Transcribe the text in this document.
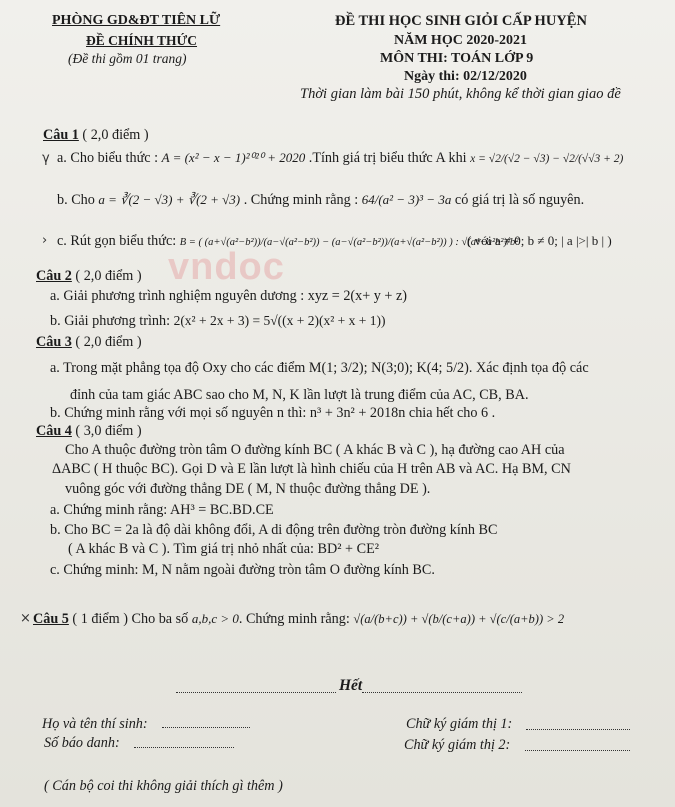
vndoc
PHÒNG GD&ĐT TIÊN LỮ
ĐỀ CHÍNH THỨC
(Đề thi gồm 01 trang)
ĐỀ THI HỌC SINH GIỎI CẤP HUYỆN
NĂM HỌC 2020-2021
MÔN THI: TOÁN LỚP 9
Ngày thi: 02/12/2020
Thời gian làm bài 150 phút, không kể thời gian giao đề
Câu 1 ( 2,0 điểm )
γ a. Cho biểu thức : A = (x² − x − 1)²⁰²⁰ + 2020 .Tính giá trị biểu thức A khi x = √2/(√2 − √3) − √2/(√√3 + 2)
b. Cho a = ∛(2 − √3) + ∛(2 + √3) . Chứng minh rằng : 64/(a² − 3)³ − 3a có giá trị là số nguyên.
› c. Rút gọn biểu thức: B = ( (a+√(a²−b²))/(a−√(a²−b²)) − (a−√(a²−b²))/(a+√(a²−b²)) ) : √(a⁴−a²b²)/b²
( với a ≠ 0; b ≠ 0; | a |>| b | )
Câu 2 ( 2,0 điểm )
a. Giải phương trình nghiệm nguyên dương : xyz = 2(x+ y + z)
b. Giải phương trình: 2(x² + 2x + 3) = 5√((x + 2)(x² + x + 1))
Câu 3 ( 2,0 điểm )
a. Trong mặt phẳng tọa độ Oxy cho các điểm M(1; 3/2); N(3;0); K(4; 5/2). Xác định tọa độ các
đỉnh của tam giác ABC sao cho M, N, K lần lượt là trung điểm của AC, CB, BA.
b. Chứng minh rằng với mọi số nguyên n thì: n³ + 3n² + 2018n chia hết cho 6 .
Câu 4 ( 3,0 điểm )
Cho A thuộc đường tròn tâm O đường kính BC ( A khác B và C ), hạ đường cao AH của
ΔABC ( H thuộc BC). Gọi D và E lần lượt là hình chiếu của H trên AB và AC. Hạ BM, CN
vuông góc với đường thẳng DE ( M, N thuộc đường thẳng DE ).
a. Chứng minh rằng: AH³ = BC.BD.CE
b. Cho BC = 2a là độ dài không đổi, A di động trên đường tròn đường kính BC
( A khác B và C ). Tìm giá trị nhỏ nhất của: BD² + CE²
c. Chứng minh: M, N nằm ngoài đường tròn tâm O đường kính BC.
× Câu 5 ( 1 điểm ) Cho ba số a,b,c > 0. Chứng minh rằng: √(a/(b+c)) + √(b/(c+a)) + √(c/(a+b)) > 2
Hết
Họ và tên thí sinh:
Số báo danh:
Chữ ký giám thị 1:
Chữ ký giám thị 2:
( Cán bộ coi thi không giải thích gì thêm )
